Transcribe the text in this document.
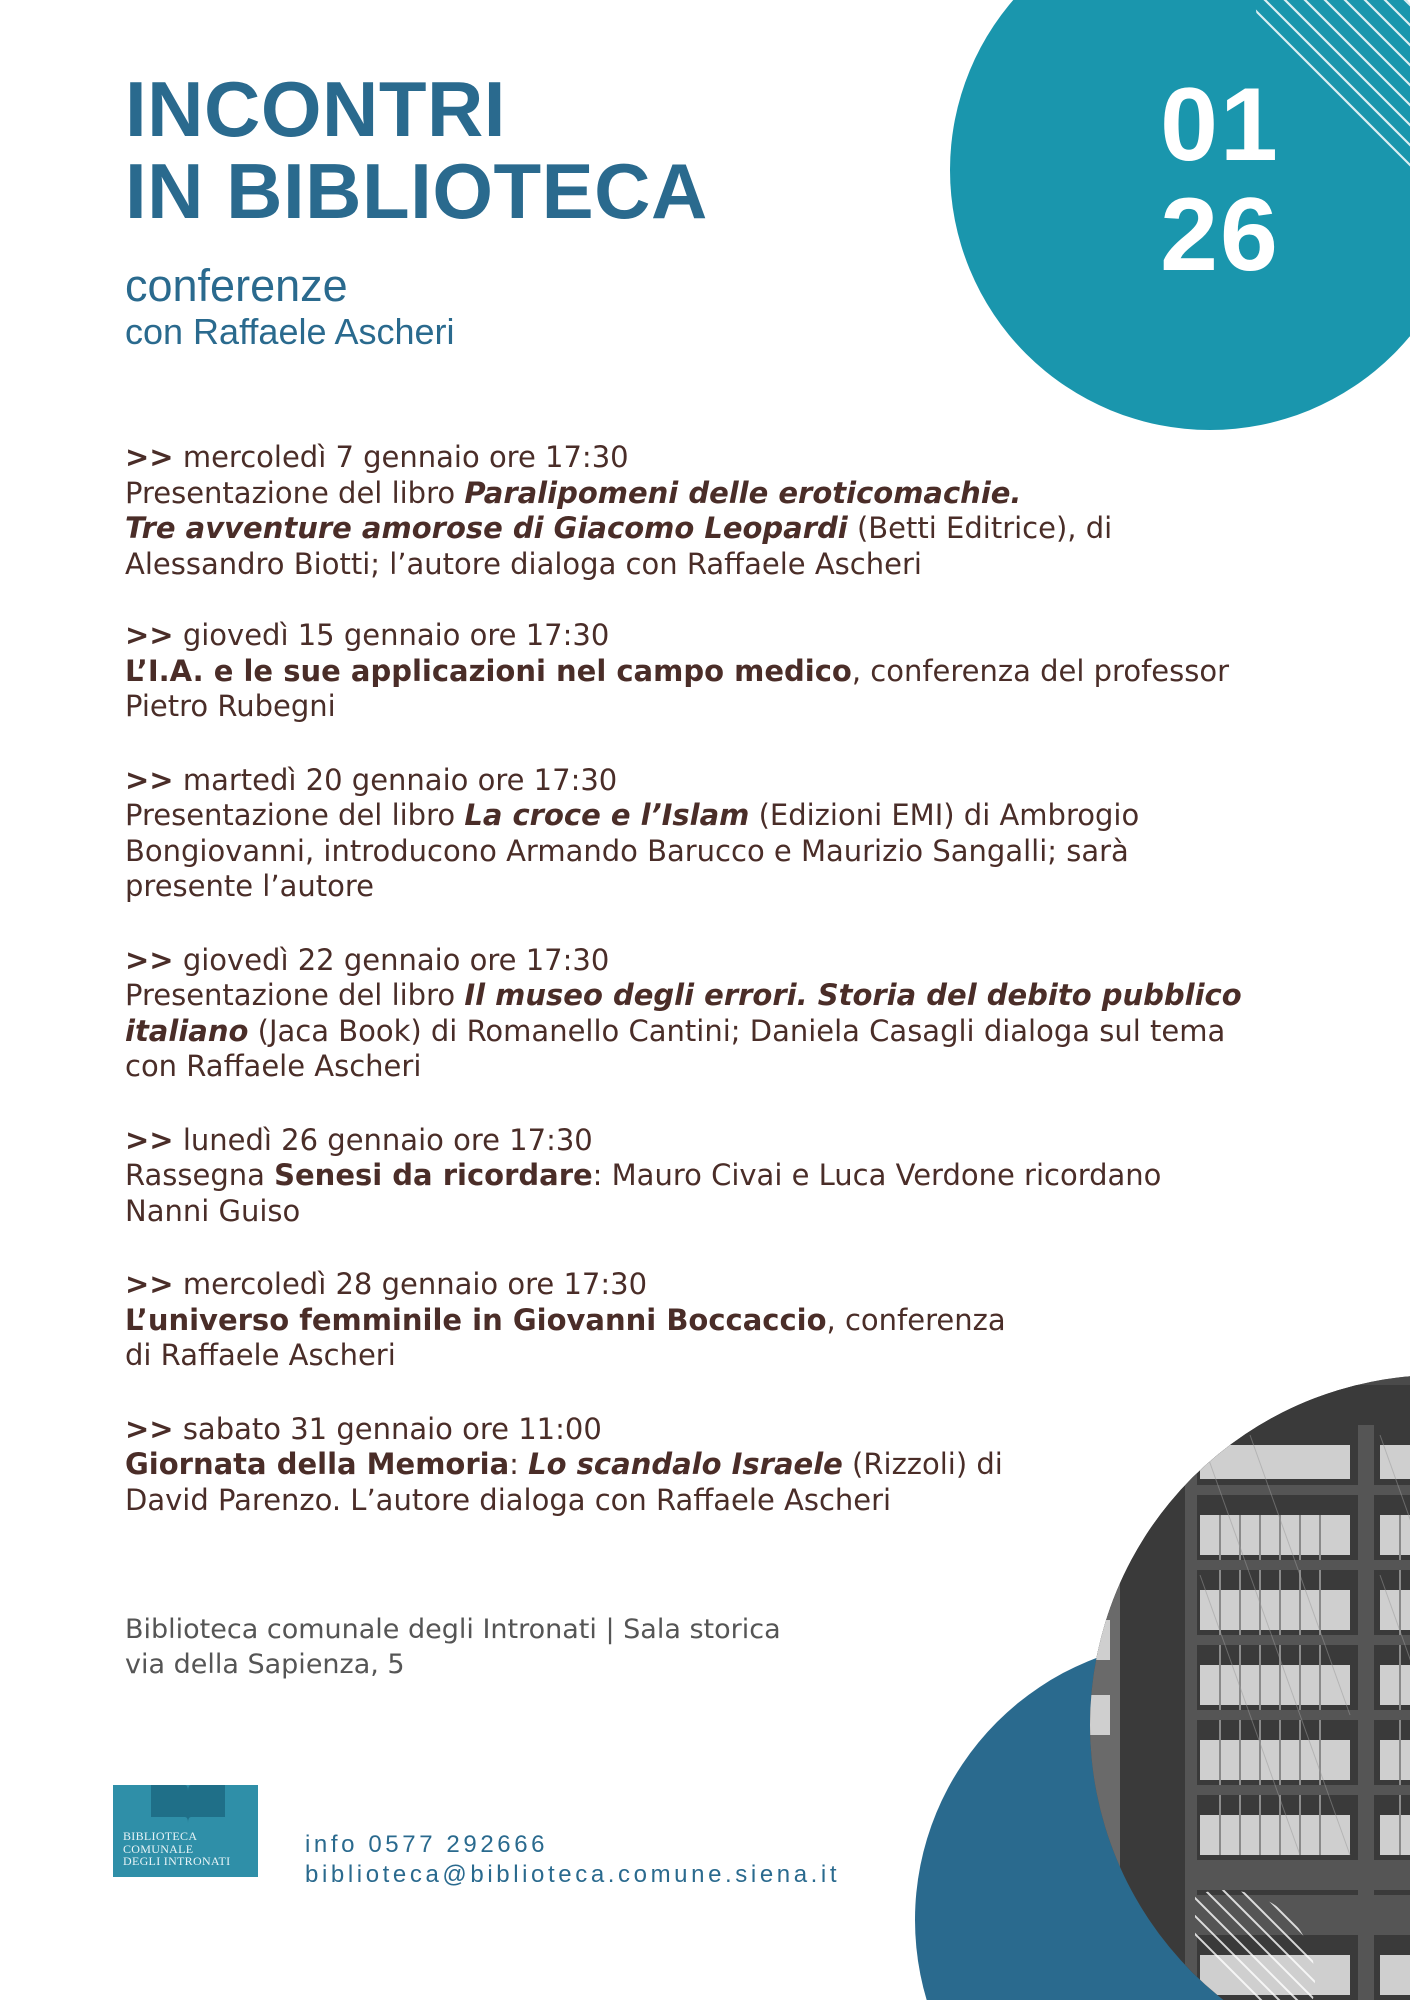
01
26
INCONTRI
IN BIBLIOTECA
conferenze
con Raffaele Ascheri
>> mercoledì 7 gennaio ore 17:30
Presentazione del libro Paralipomeni delle eroticomachie.
Tre avventure amorose di Giacomo Leopardi (Betti Editrice), di
Alessandro Biotti; l’autore dialoga con Raffaele Ascheri
>> giovedì 15 gennaio ore 17:30
L’I.A. e le sue applicazioni nel campo medico, conferenza del professor
Pietro Rubegni
>> martedì 20 gennaio ore 17:30
Presentazione del libro La croce e l’Islam (Edizioni EMI) di Ambrogio
Bongiovanni, introducono Armando Barucco e Maurizio Sangalli; sarà
presente l’autore
>> giovedì 22 gennaio ore 17:30
Presentazione del libro Il museo degli errori. Storia del debito pubblico
italiano (Jaca Book) di Romanello Cantini; Daniela Casagli dialoga sul tema
con Raffaele Ascheri
>> lunedì 26 gennaio ore 17:30
Rassegna Senesi da ricordare: Mauro Civai e Luca Verdone ricordano
Nanni Guiso
>> mercoledì 28 gennaio ore 17:30
L’universo femminile in Giovanni Boccaccio, conferenza
di Raffaele Ascheri
>> sabato 31 gennaio ore 11:00
Giornata della Memoria: Lo scandalo Israele (Rizzoli) di
David Parenzo. L’autore dialoga con Raffaele Ascheri
Biblioteca comunale degli Intronati | Sala storica
via della Sapienza, 5
BIBLIOTECA
COMUNALE
DEGLI INTRONATI
info 0577 292666
biblioteca@biblioteca.comune.siena.it
